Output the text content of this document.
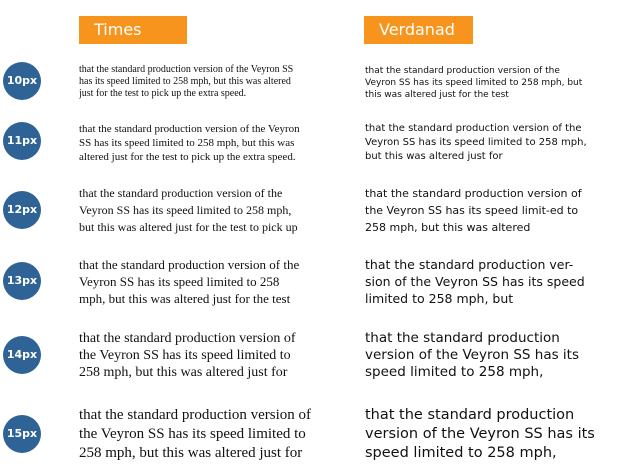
Times	Verdanad
10px

that the standard production version of the Veyron SS has its speed limited to 258 mph, but this was altered just for the test to pick up the extra speed.

that the standard production version of the Veyron SS has its speed limited to 258 mph, but this was altered just for the test

11px

that the standard production version of the Veyron SS has its speed limited to 258 mph, but this was altered just for the test to pick up the extra speed.

that the standard production version of the Veyron SS has its speed limited to 258 mph, but this was altered just for

12px

that the standard production version of the Veyron SS has its speed limited to 258 mph, but this was altered just for the test to pick up

that the standard production version of the Veyron SS has its speed limit-ed to 258 mph, but this was altered

13px

that the standard production version of the Veyron SS has its speed limited to 258 mph, but this was altered just for the test

that the standard production ver-sion of the Veyron SS has its speed limited to 258 mph, but

14px

that the standard production version of the Veyron SS has its speed limited to 258 mph, but this was altered just for

that the standard production version of the Veyron SS has its speed limited to 258 mph,

15px

that the standard production version of the Veyron SS has its speed limited to 258 mph, but this was altered just for

that the standard production version of the Veyron SS has its speed limited to 258 mph,
